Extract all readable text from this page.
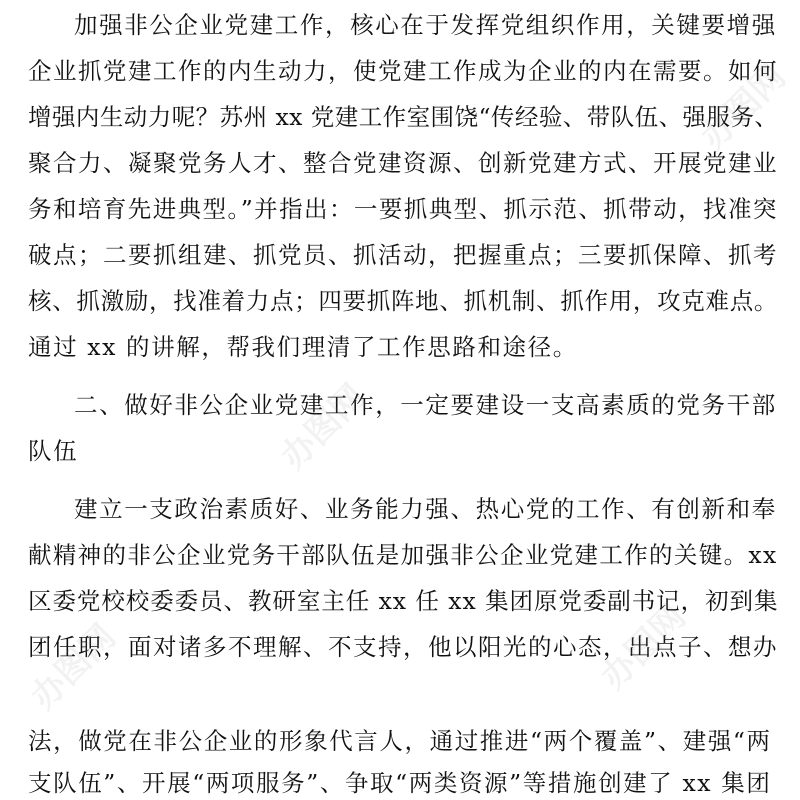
加强非公企业党建工作，核心在于发挥党组织作用，关键要增强
企业抓党建工作的内生动力，使党建工作成为企业的内在需要。如何
增强内生动力呢？苏州 xx 党建工作室围饶“传经验、带队伍、强服务、
聚合力、凝聚党务人才、整合党建资源、创新党建方式、开展党建业
务和培育先进典型。”并指出：一要抓典型、抓示范、抓带动，找准突
破点；二要抓组建、抓党员、抓活动，把握重点；三要抓保障、抓考
核、抓激励，找准着力点；四要抓阵地、抓机制、抓作用，攻克难点。
通过 xx 的讲解，帮我们理清了工作思路和途径。
二、做好非公企业党建工作，一定要建设一支高素质的党务干部
队伍
建立一支政治素质好、业务能力强、热心党的工作、有创新和奉
献精神的非公企业党务干部队伍是加强非公企业党建工作的关键。xx
区委党校校委委员、教研室主任 xx 任 xx 集团原党委副书记，初到集
团任职，面对诸多不理解、不支持，他以阳光的心态，出点子、想办
法，做党在非公企业的形象代言人，通过推进“两个覆盖”、建强“两
支队伍”、开展“两项服务”、争取“两类资源”等措施创建了 xx 集团
办图网
办图网
办图网
办图网
